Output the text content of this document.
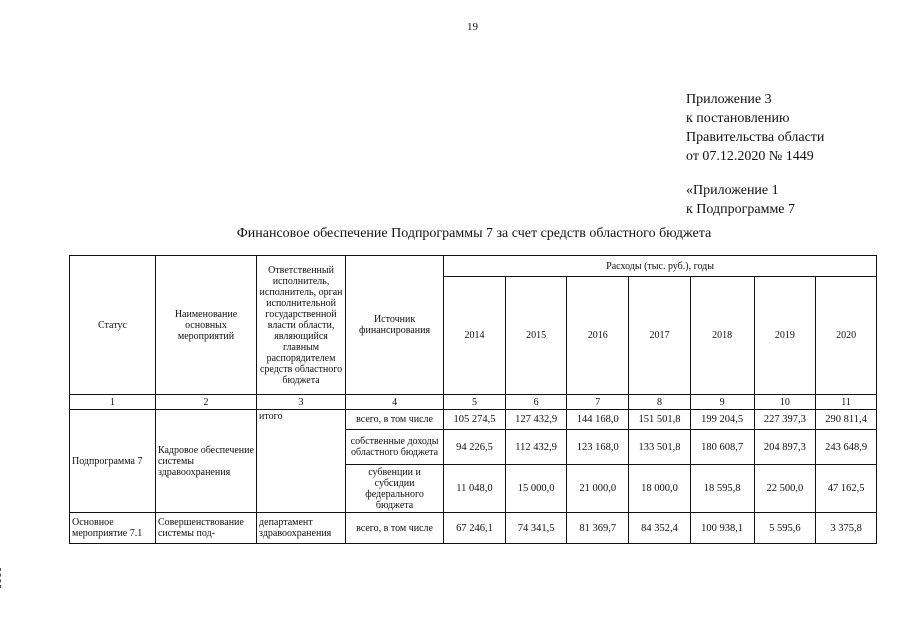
19
Приложение 3
к постановлению
Правительства области
от 07.12.2020 № 1449
«Приложение 1
к Подпрограмме 7
Финансовое обеспечение Подпрограммы 7 за счет средств областного бюджета
Статус	Наименование основных мероприятий	Ответственный исполнитель, исполнитель, орган исполнительной государственной власти области, являющийся главным распорядителем средств областного бюджета	Источник финансирования	Расходы (тыс. руб.), годы						
				2014	2015	2016	2017	2018	2019	2020
1	2	3	4	5	6	7	8	9	10	11
Подпрограмма 7	Кадровое обеспечение системы здравоохранения	итого	всего, в том числе	105 274,5	127 432,9	144 168,0	151 501,8	199 204,5	227 397,3	290 811,4
			собственные доходы областного бюджета	94 226,5	112 432,9	123 168,0	133 501,8	180 608,7	204 897,3	243 648,9
			субвенции и субсидии федерального бюджета	11 048,0	15 000,0	21 000,0	18 000,0	18 595,8	22 500,0	47 162,5
Основное мероприятие 7.1	Совершенствование системы под-	департамент здравоохранения	всего, в том числе	67 246,1	74 341,5	81 369,7	84 352,4	100 938,1	5 595,6	3 375,8
